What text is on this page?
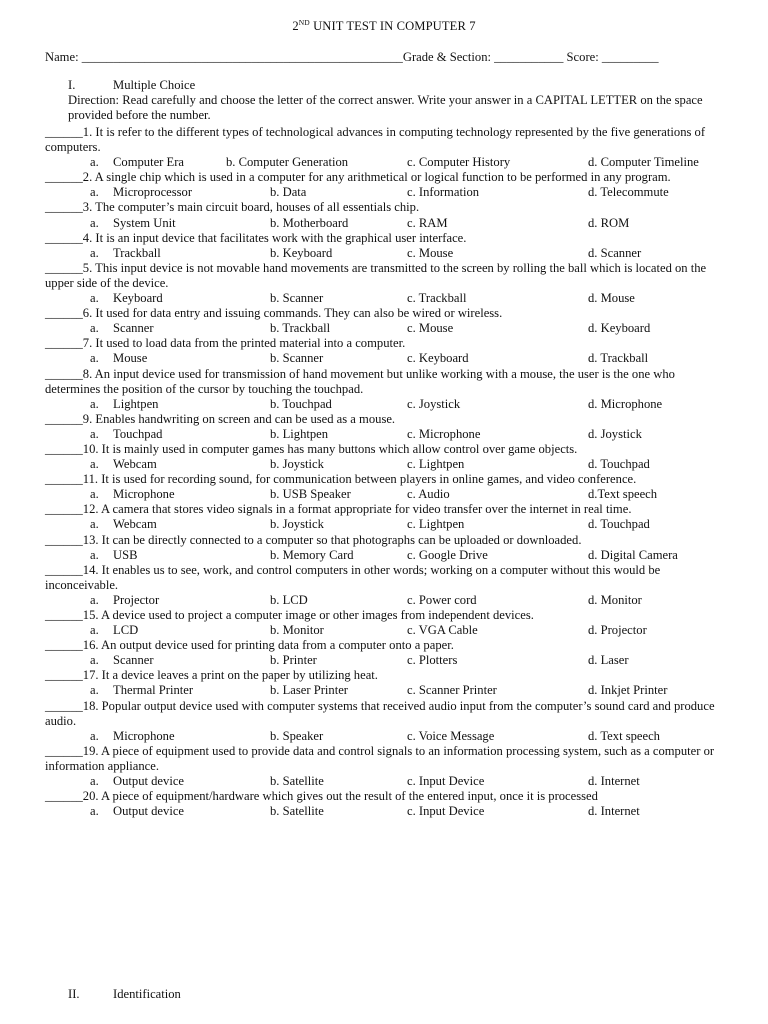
2ND UNIT TEST IN COMPUTER 7
Name: ___________________________________________________Grade & Section: ___________ Score: _________
I.	Multiple Choice
Direction: Read carefully and choose the letter of the correct answer. Write your answer in a CAPITAL LETTER on the space provided before the number.
______1. It is refer to the different types of technological advances in computing technology represented by the five generations of computers.
a.Computer Era	b. Computer Generation	c. Computer History	d. Computer Timeline
______2. A single chip which is used in a computer for any arithmetical or logical function to be performed in any program.
a.Microprocessor	b. Data	c. Information	d. Telecommute
______3. The computer’s main circuit board, houses of all essentials chip.
a.System Unit	b. Motherboard	c. RAM	d. ROM
______4. It is an input device that facilitates work with the graphical user interface.
a.Trackball	b. Keyboard	c. Mouse	d. Scanner
______5. This input device is not movable hand movements are transmitted to the screen by rolling the ball which is located on the upper side of the device.
a.Keyboard	b. Scanner	c. Trackball	d. Mouse
______6. It used for data entry and issuing commands. They can also be wired or wireless.
a.Scanner	b. Trackball	c. Mouse	d. Keyboard
______7. It used to load data from the printed material into a computer.
a.Mouse	b. Scanner	c. Keyboard	d. Trackball
______8. An input device used for transmission of hand movement but unlike working with a mouse, the user is the one who determines the position of the cursor by touching the touchpad.
a.Lightpen	b. Touchpad	c. Joystick	d. Microphone
______9. Enables handwriting on screen and can be used as a mouse.
a.Touchpad	b. Lightpen	c. Microphone	d. Joystick
______10. It is mainly used in computer games has many buttons which allow control over game objects.
a.Webcam	b. Joystick	c. Lightpen	d. Touchpad
______11. It is used for recording sound, for communication between players in online games, and video conference.
a.Microphone	b. USB Speaker	c. Audio	d.Text speech
______12. A camera that stores video signals in a format appropriate for video transfer over the internet in real time.
a.Webcam	b. Joystick	c. Lightpen	d. Touchpad
______13. It can be directly connected to a computer so that photographs can be uploaded or downloaded.
a.USB	b. Memory Card	c. Google Drive	d. Digital Camera
______14. It enables us to see, work, and control computers in other words; working on a computer without this would be inconceivable.
a.Projector	b. LCD	c. Power cord	d. Monitor
______15. A device used to project a computer image or other images from independent devices.
a.LCD	b. Monitor	c. VGA Cable	d. Projector
______16. An output device used for printing data from a computer onto a paper.
a.Scanner	b. Printer	c. Plotters	d. Laser
______17. It a device leaves a print on the paper by utilizing heat.
a.Thermal Printer	b. Laser Printer	c. Scanner Printer	d. Inkjet Printer
______18. Popular output device used with computer systems that received audio input from the computer’s sound card and produce audio.
a.Microphone	b. Speaker	c. Voice Message	d. Text speech
______19. A piece of equipment used to provide data and control signals to an information processing system, such as a computer or information appliance.
a.Output device	b. Satellite	c. Input Device	d. Internet
______20. A piece of equipment/hardware which gives out the result of the entered input, once it is processed
a.Output device	b. Satellite	c. Input Device	d. Internet
II.	Identification
